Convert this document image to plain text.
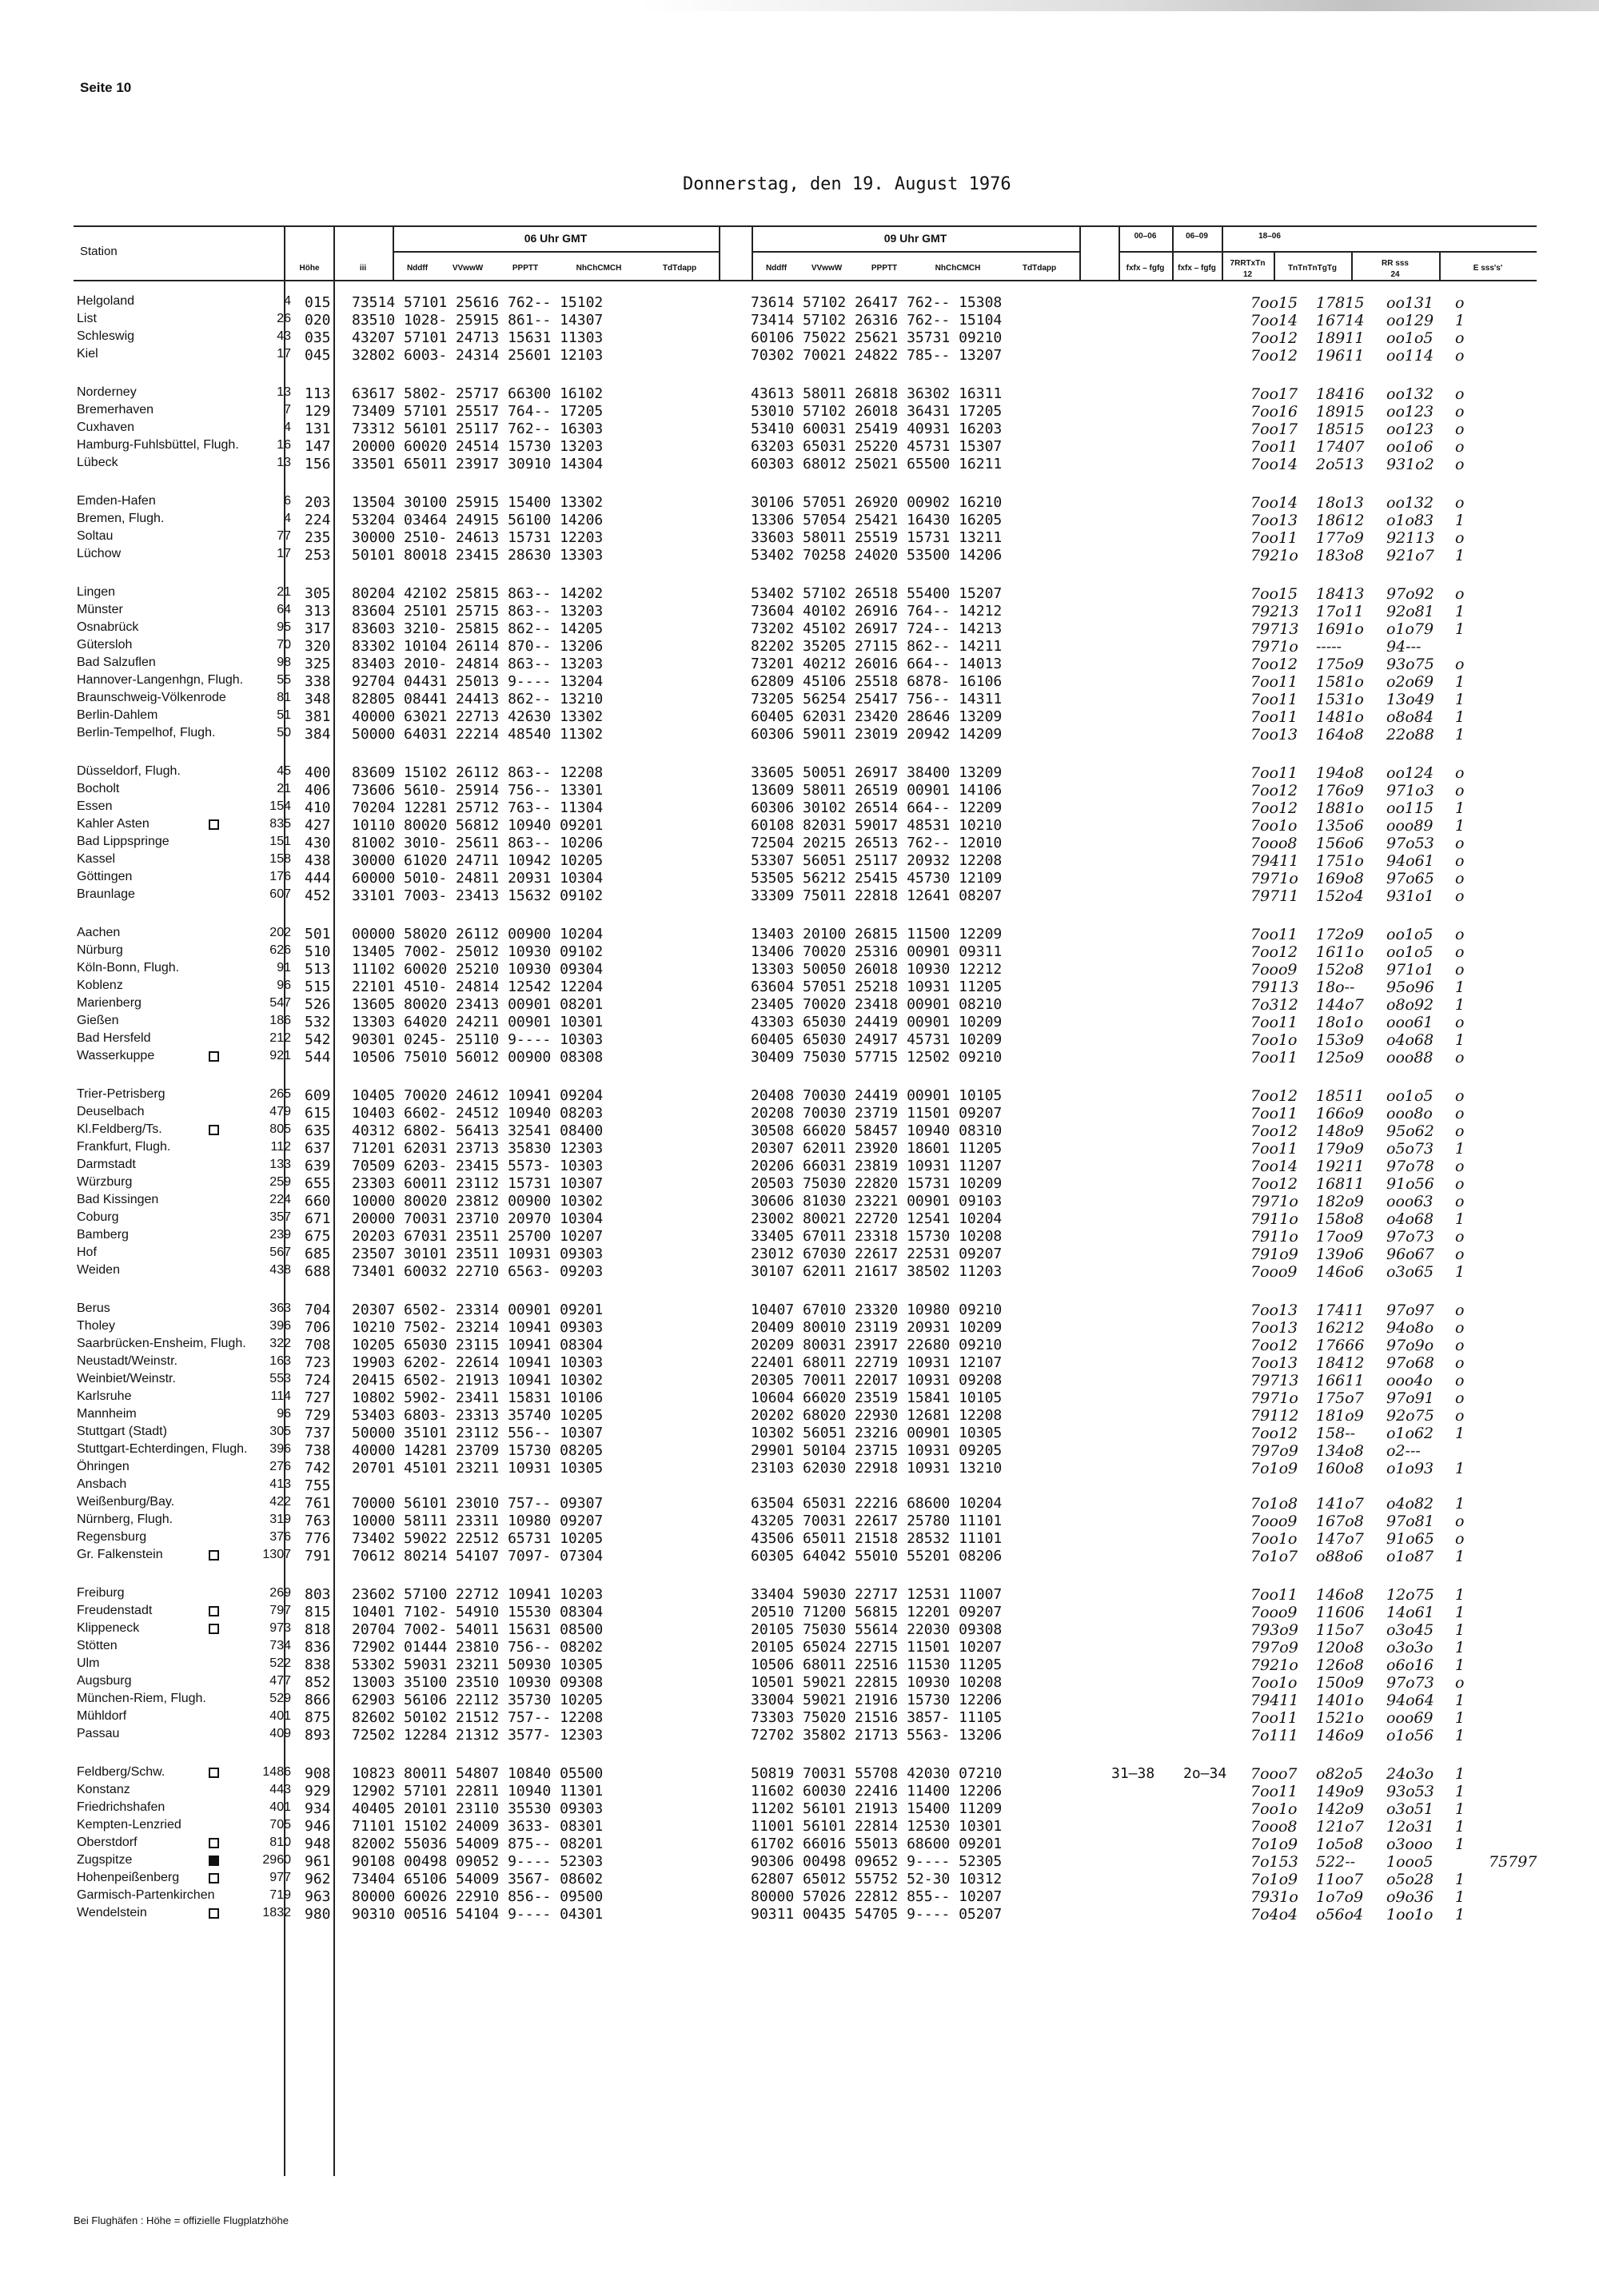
Seite 10
Donnerstag, den 19. August 1976
Station
Höhe	iii
06 Uhr GMT	09 Uhr GMT	00–06	06–09	18–06
fxfx – fgfg	fxfx – fgfg
7RRTxTn
12
TnTnTnTgTg
RR sss
24
E sss's'
Nddff	VVwwW	PPPTT	NhChCMCH	TdTdapp	Nddff	VVwwW	PPPTT	NhChCMCH	TdTdapp
Helgoland	4 015 73514 57101 25616 762-- 15102	73614 57102 26417 762-- 15308	7oo15 17815 oo131 o
List	26 020 83510 1028- 25915 861-- 14307	73414 57102 26316 762-- 15104	7oo14 16714 oo129 1
Schleswig	43 035 43207 57101 24713 15631 11303	60106 75022 25621 35731 09210	7oo12 18911 oo1o5 o
Kiel	17 045 32802 6003- 24314 25601 12103	70302 70021 24822 785-- 13207	7oo12 19611 oo114 o
Norderney	13 113 63617 5802- 25717 66300 16102	43613 58011 26818 36302 16311	7oo17 18416 oo132 o
Bremerhaven	7 129 73409 57101 25517 764-- 17205	53010 57102 26018 36431 17205	7oo16 18915 oo123 o
Cuxhaven	4 131 73312 56101 25117 762-- 16303	53410 60031 25419 40931 16203	7oo17 18515 oo123 o
Hamburg-Fuhlsbüttel, Flugh.	16 147 20000 60020 24514 15730 13203	63203 65031 25220 45731 15307	7oo11 17407 oo1o6 o
Lübeck	13 156 33501 65011 23917 30910 14304	60303 68012 25021 65500 16211	7oo14 2o513 931o2 o
Emden-Hafen	6 203 13504 30100 25915 15400 13302	30106 57051 26920 00902 16210	7oo14 18o13 oo132 o
Bremen, Flugh.	4 224 53204 03464 24915 56100 14206	13306 57054 25421 16430 16205	7oo13 18612 o1o83 1
Soltau	77 235 30000 2510- 24613 15731 12203	33603 58011 25519 15731 13211	7oo11 177o9 92113 o
Lüchow	17 253 50101 80018 23415 28630 13303	53402 70258 24020 53500 14206	7921o 183o8 921o7 1
Lingen	21 305 80204 42102 25815 863-- 14202	53402 57102 26518 55400 15207	7oo15 18413 97o92 o
Münster	64 313 83604 25101 25715 863-- 13203	73604 40102 26916 764-- 14212	79213 17o11 92o81 1
Osnabrück	95 317 83603 3210- 25815 862-- 14205	73202 45102 26917 724-- 14213	79713 1691o o1o79 1
Gütersloh	70 320 83302 10104 26114 870-- 13206	82202 35205 27115 862-- 14211	7971o -----	94---
Bad Salzuflen	98 325 83403 2010- 24814 863-- 13203	73201 40212 26016 664-- 14013	7oo12 175o9 93o75 o
Hannover-Langenhgn, Flugh.	55 338 92704 04431 25013 9---- 13204	62809 45106 25518 6878- 16106	7oo11 1581o o2o69 1
Braunschweig-Völkenrode	81 348 82805 08441 24413 862-- 13210	73205 56254 25417 756-- 14311	7oo11 1531o 13o49 1
Berlin-Dahlem	51 381 40000 63021 22713 42630 13302	60405 62031 23420 28646 13209	7oo11 1481o o8o84 1
Berlin-Tempelhof, Flugh.	50 384 50000 64031 22214 48540 11302	60306 59011 23019 20942 14209	7oo13 164o8 22o88 1
Düsseldorf, Flugh.	45 400 83609 15102 26112 863-- 12208	33605 50051 26917 38400 13209	7oo11 194o8 oo124 o
Bocholt	21 406 73606 5610- 25914 756-- 13301	13609 58011 26519 00901 14106	7oo12 176o9 971o3 o
Essen	154 410 70204 12281 25712 763-- 11304	60306 30102 26514 664-- 12209	7oo12 1881o oo115 1
Kahler Asten	835 427 10110 80020 56812 10940 09201	60108 82031 59017 48531 10210	7oo1o 135o6 ooo89 1
Bad Lippspringe	151 430 81002 3010- 25611 863-- 10206	72504 20215 26513 762-- 12010	7ooo8 156o6 97o53 o
Kassel	158 438 30000 61020 24711 10942 10205	53307 56051 25117 20932 12208	79411 1751o 94o61 o
Göttingen	176 444 60000 5010- 24811 20931 10304	53505 56212 25415 45730 12109	7971o 169o8 97o65 o
Braunlage	607 452 33101 7003- 23413 15632 09102	33309 75011 22818 12641 08207	79711 152o4 931o1 o
Aachen	202 501 00000 58020 26112 00900 10204	13403 20100 26815 11500 12209	7oo11 172o9 oo1o5 o
Nürburg	626 510 13405 7002- 25012 10930 09102	13406 70020 25316 00901 09311	7oo12 1611o oo1o5 o
Köln-Bonn, Flugh.	91 513 11102 60020 25210 10930 09304	13303 50050 26018 10930 12212	7ooo9 152o8 971o1 o
Koblenz	96 515 22101 4510- 24814 12542 12204	63604 57051 25218 10931 11205	79113 18o-- 95o96 1
Marienberg	547 526 13605 80020 23413 00901 08201	23405 70020 23418 00901 08210	7o312 144o7 o8o92 1
Gießen	186 532 13303 64020 24211 00901 10301	43303 65030 24419 00901 10209	7oo11 18o1o ooo61 o
Bad Hersfeld	212 542 90301 0245- 25110 9---- 10303	60405 65030 24917 45731 10209	7oo1o 153o9 o4o68 1
Wasserkuppe	921 544 10506 75010 56012 00900 08308	30409 75030 57715 12502 09210	7oo11 125o9 ooo88 o
Trier-Petrisberg	265 609 10405 70020 24612 10941 09204	20408 70030 24419 00901 10105	7oo12 18511 oo1o5 o
Deuselbach	479 615 10403 6602- 24512 10940 08203	20208 70030 23719 11501 09207	7oo11 166o9 ooo8o o
Kl.Feldberg/Ts.	805 635 40312 6802- 56413 32541 08400	30508 66020 58457 10940 08310	7oo12 148o9 95o62 o
Frankfurt, Flugh.	112 637 71201 62031 23713 35830 12303	20307 62011 23920 18601 11205	7oo11 179o9 o5o73 1
Darmstadt	133 639 70509 6203- 23415 5573- 10303	20206 66031 23819 10931 11207	7oo14 19211 97o78 o
Würzburg	259 655 23303 60011 23112 15731 10307	20503 75030 22820 15731 10209	7oo12 16811 91o56 o
Bad Kissingen	224 660 10000 80020 23812 00900 10302	30606 81030 23221 00901 09103	7971o 182o9 ooo63 o
Coburg	357 671 20000 70031 23710 20970 10304	23002 80021 22720 12541 10204	7911o 158o8 o4o68 1
Bamberg	239 675 20203 67031 23511 25700 10207	33405 67011 23318 15730 10208	7911o 17oo9 97o73 o
Hof	567 685 23507 30101 23511 10931 09303	23012 67030 22617 22531 09207	791o9 139o6 96o67 o
Weiden	438 688 73401 60032 22710 6563- 09203	30107 62011 21617 38502 11203	7ooo9 146o6 o3o65 1
Berus	363 704 20307 6502- 23314 00901 09201	10407 67010 23320 10980 09210	7oo13 17411 97o97 o
Tholey	396 706 10210 7502- 23214 10941 09303	20409 80010 23119 20931 10209	7oo13 16212 94o8o o
Saarbrücken-Ensheim, Flugh. 322 708 10205 65030 23115 10941 08304	20209 80031 23917 22680 09210	7oo12 17666 97o9o o
Neustadt/Weinstr.	163 723 19903 6202- 22614 10941 10303	22401 68011 22719 10931 12107	7oo13 18412 97o68 o
Weinbiet/Weinstr.	553 724 20415 6502- 21913 10941 10302	20305 70011 22017 10931 09208	79713 16611 ooo4o o
Karlsruhe	114 727 10802 5902- 23411 15831 10106	10604 66020 23519 15841 10105	7971o 175o7 97o91 o
Mannheim	96 729 53403 6803- 23313 35740 10205	20202 68020 22930 12681 12208	79112 181o9 92o75 o
Stuttgart (Stadt)	305 737 50000 35101 23112 556-- 10307	10302 56051 23216 00901 10305	7oo12 158-- o1o62 1
Stuttgart-Echterdingen, Flugh. 396 738 40000 14281 23709 15730 08205	29901 50104 23715 10931 09205	797o9 134o8 o2---
Öhringen	276 742 20701 45101 23211 10931 10305	23103 62030 22918 10931 13210	7o1o9 160o8 o1o93 1
Ansbach	413 755
Weißenburg/Bay.	422 761 70000 56101 23010 757-- 09307	63504 65031 22216 68600 10204	7o1o8 141o7 o4o82 1
Nürnberg, Flugh.	319 763 10000 58111 23311 10980 09207	43205 70031 22617 25780 11101	7ooo9 167o8 97o81 o
Regensburg	376 776 73402 59022 22512 65731 10205	43506 65011 21518 28532 11101	7oo1o 147o7 91o65 o
Gr. Falkenstein	1307 791 70612 80214 54107 7097- 07304	60305 64042 55010 55201 08206	7o1o7 o88o6 o1o87 1
Freiburg	269 803 23602 57100 22712 10941 10203	33404 59030 22717 12531 11007	7oo11 146o8 12o75 1
Freudenstadt	797 815 10401 7102- 54910 15530 08304	20510 71200 56815 12201 09207	7ooo9 11606 14o61 1
Klippeneck	973 818 20704 7002- 54011 15631 08500	20105 75030 55614 22030 09308	793o9 115o7 o3o45 1
Stötten	734 836 72902 01444 23810 756-- 08202	20105 65024 22715 11501 10207	797o9 120o8 o3o3o 1
Ulm	522 838 53302 59031 23211 50930 10305	10506 68011 22516 11530 11205	7921o 126o8 o6o16 1
Augsburg	477 852 13003 35100 23510 10930 09308	10501 59021 22815 10930 10208	7oo1o 150o9 97o73 o
München-Riem, Flugh.	529 866 62903 56106 22112 35730 10205	33004 59021 21916 15730 12206	79411 1401o 94o64 1
Mühldorf	401 875 82602 50102 21512 757-- 12208	73303 75020 21516 3857- 11105	7oo11 1521o ooo69 1
Passau	409 893 72502 12284 21312 3577- 12303	72702 35802 21713 5563- 13206	7o111 146o9 o1o56 1
Feldberg/Schw.	1486 908 10823 80011 54807 10840 05500	50819 70031 55708 42030 07210	31–38 2o–34 7ooo7 o82o5 24o3o 1
Konstanz	443 929 12902 57101 22811 10940 11301	11602 60030 22416 11400 12206	7oo11 149o9 93o53 1
Friedrichshafen	401 934 40405 20101 23110 35530 09303	11202 56101 21913 15400 11209	7oo1o 142o9 o3o51 1
Kempten-Lenzried	705 946 71101 15102 24009 3633- 08301	11001 56101 22814 12530 10301	7ooo8 121o7 12o31 1
Oberstdorf	810 948 82002 55036 54009 875-- 08201	61702 66016 55013 68600 09201	7o1o9 1o5o8 o3ooo 1
Zugspitze	2960 961 90108 00498 09052 9---- 52303	90306 00498 09652 9---- 52305	7o153 522-- 1ooo5	75797
Hohenpeißenberg	977 962 73404 65106 54009 3567- 08602	62807 65012 55752 52-30 10312	7o1o9 11oo7 o5o28 1
Garmisch-Partenkirchen	719 963 80000 60026 22910 856-- 09500	80000 57026 22812 855-- 10207	7931o 1o7o9 o9o36 1
Wendelstein	1832 980 90310 00516 54104 9---- 04301	90311 00435 54705 9---- 05207	7o4o4 o56o4 1oo1o 1
Bei Flughäfen : Höhe = offizielle Flugplatzhöhe
